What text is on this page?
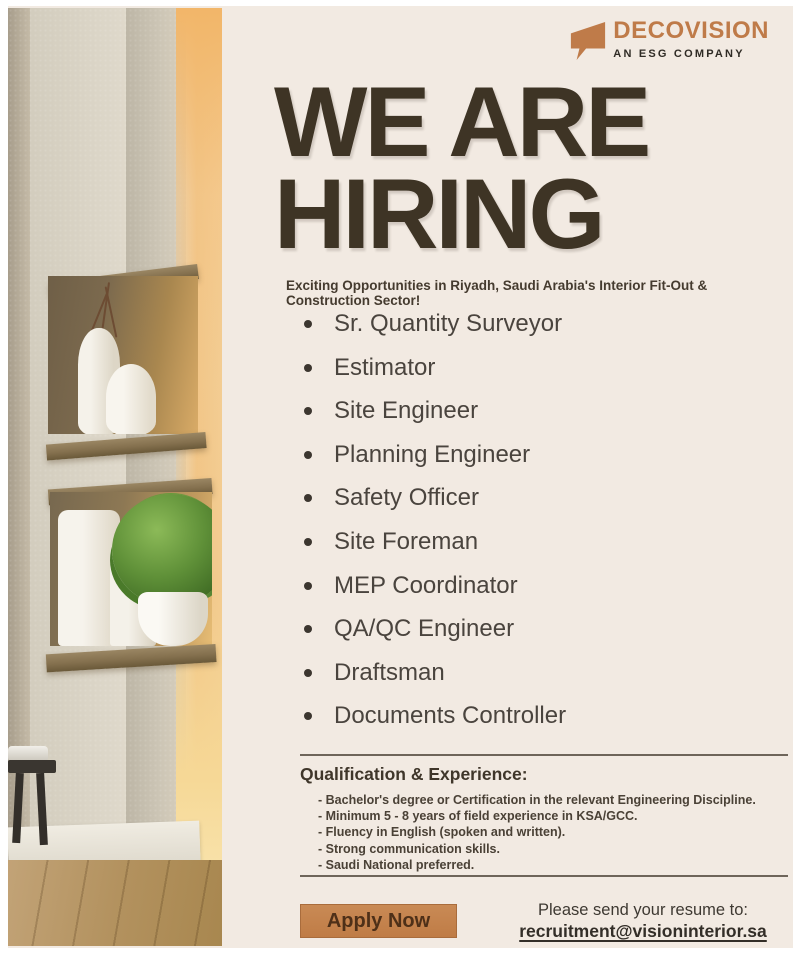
DECOVISION
AN ESG COMPANY
WE ARE
HIRING
Exciting Opportunities in Riyadh, Saudi Arabia's Interior Fit-Out & Construction Sector!
Sr. Quantity Surveyor
Estimator
Site Engineer
Planning Engineer
Safety Officer
Site Foreman
MEP Coordinator
QA/QC Engineer
Draftsman
Documents Controller
Qualification & Experience:
- Bachelor's degree or Certification in the relevant Engineering Discipline.
- Minimum 5 - 8 years of field experience in KSA/GCC.
- Fluency in English (spoken and written).
- Strong communication skills.
- Saudi National preferred.
Apply Now	Please send your resume to:
recruitment@visioninterior.sa
